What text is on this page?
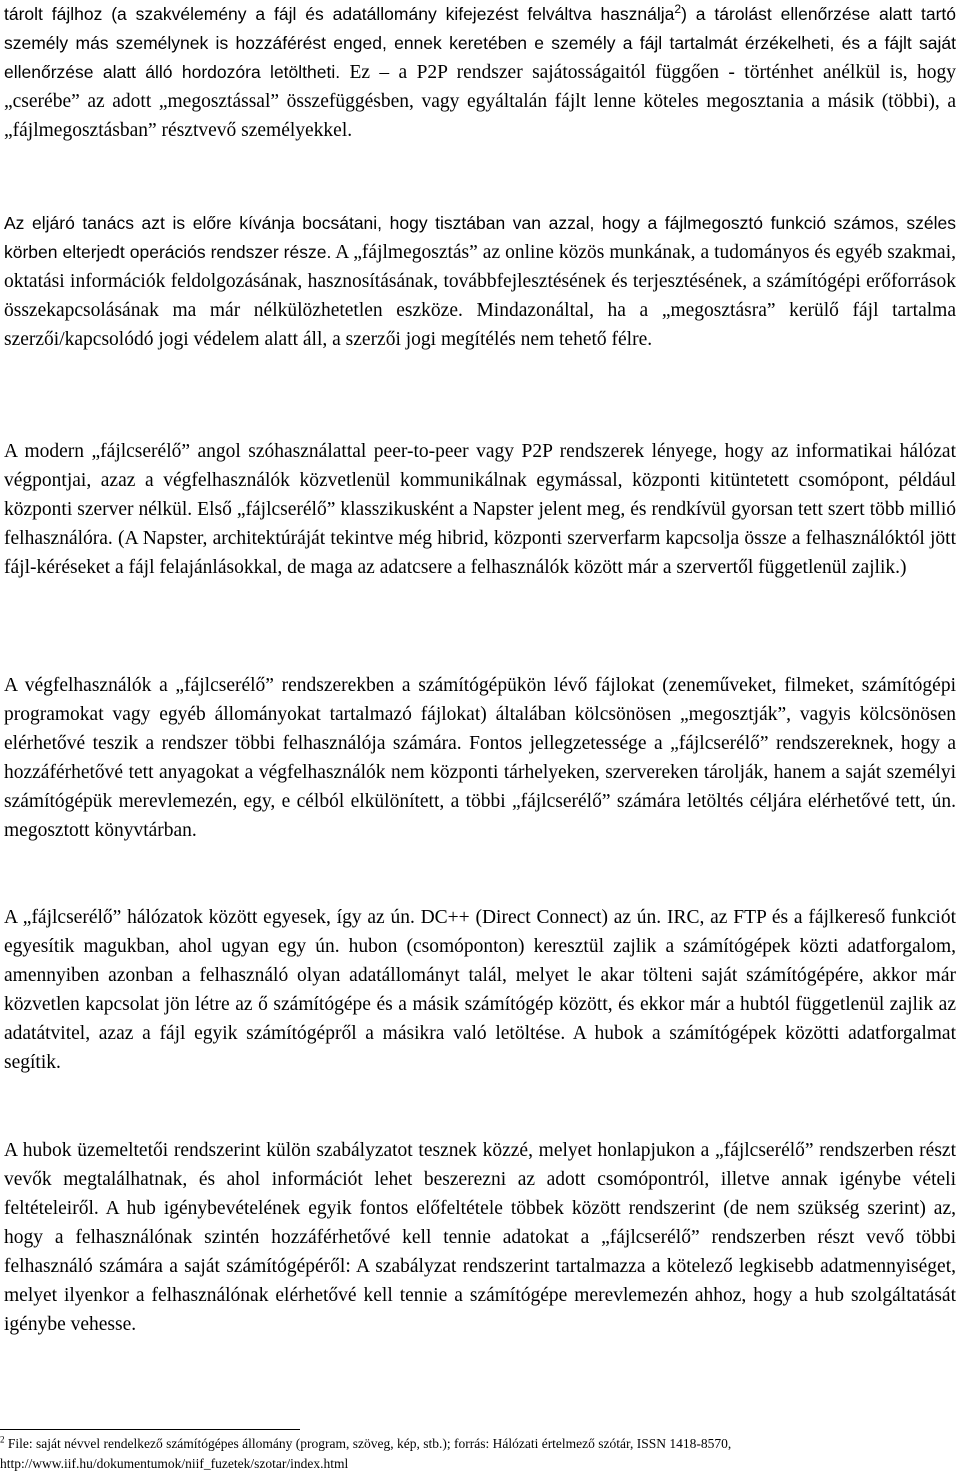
tárolt fájlhoz (a szakvélemény a fájl és adatállomány kifejezést felváltva használja$^2$) a tárolást ellenőrzése alatt tartó személy más személynek is hozzáférést enged, ennek keretében e személy a fájl tartalmát érzékelheti, és a fájlt saját ellenőrzése alatt álló hordozóra letöltheti. Ez – a P2P rendszer sajátosságaitól függően - történhet anélkül is, hogy „cserébe” az adott „megosztással” összefüggésben, vagy egyáltalán fájlt lenne köteles megosztania a másik (többi), a „fájlmegosztásban” résztvevő személyekkel.

Az eljáró tanács azt is előre kívánja bocsátani, hogy tisztában van azzal, hogy a fájlmegosztó funkció számos, széles körben elterjedt operációs rendszer része. A „fájlmegosztás” az online közös munkának, a tudományos és egyéb szakmai, oktatási információk feldolgozásának, hasznosításának, továbbfejlesztésének és terjesztésének, a számítógépi erőforrások összekapcsolásának ma már nélkülözhetetlen eszköze. Mindazonáltal, ha a „megosztásra” kerülő fájl tartalma szerzői/kapcsolódó jogi védelem alatt áll, a szerzői jogi megítélés nem tehető félre.

A modern „fájlcserélő” angol szóhasználattal peer-to-peer vagy P2P rendszerek lényege, hogy az informatikai hálózat végpontjai, azaz a végfelhasználók közvetlenül kommunikálnak egymással, központi kitüntetett csomópont, például központi szerver nélkül. Első „fájlcserélő” klasszikusként a Napster jelent meg, és rendkívül gyorsan tett szert több millió felhasználóra. (A Napster, architektúráját tekintve még hibrid, központi szerverfarm kapcsolja össze a felhasználóktól jött fájl-kéréseket a fájl felajánlásokkal, de maga az adatcsere a felhasználók között már a szervertől függetlenül zajlik.)

A végfelhasználók a „fájlcserélő” rendszerekben a számítógépükön lévő fájlokat (zeneműveket, filmeket, számítógépi programokat vagy egyéb állományokat tartalmazó fájlokat) általában kölcsönösen „megosztják”, vagyis kölcsönösen elérhetővé teszik a rendszer többi felhasználója számára. Fontos jellegzetessége a „fájlcserélő” rendszereknek, hogy a hozzáférhetővé tett anyagokat a végfelhasználók nem központi tárhelyeken, szervereken tárolják, hanem a saját személyi számítógépük merevlemezén, egy, e célból elkülönített, a többi „fájlcserélő” számára letöltés céljára elérhetővé tett, ún. megosztott könyvtárban.

A „fájlcserélő” hálózatok között egyesek, így az ún. DC++ (Direct Connect) az ún. IRC, az FTP és a fájlkereső funkciót egyesítik magukban, ahol ugyan egy ún. hubon (csomóponton) keresztül zajlik a számítógépek közti adatforgalom, amennyiben azonban a felhasználó olyan adatállományt talál, melyet le akar tölteni saját számítógépére, akkor már közvetlen kapcsolat jön létre az ő számítógépe és a másik számítógép között, és ekkor már a hubtól függetlenül zajlik az adatátvitel, azaz a fájl egyik számítógépről a másikra való letöltése. A hubok a számítógépek közötti adatforgalmat segítik.

A hubok üzemeltetői rendszerint külön szabályzatot tesznek közzé, melyet honlapjukon a „fájlcserélő” rendszerben részt vevők megtalálhatnak, és ahol információt lehet beszerezni az adott csomópontról, illetve annak igénybe vételi feltételeiről. A hub igénybevételének egyik fontos előfeltétele többek között rendszerint (de nem szükség szerint) az, hogy a felhasználónak szintén hozzáférhetővé kell tennie adatokat a „fájlcserélő” rendszerben részt vevő többi felhasználó számára a saját számítógépéről: A szabályzat rendszerint tartalmazza a kötelező legkisebb adatmennyiséget, melyet ilyenkor a felhasználónak elérhetővé kell tennie a számítógépe merevlemezén ahhoz, hogy a hub szolgáltatását igénybe vehesse.

$^2$ File: saját névvel rendelkező számítógépes állomány (program, szöveg, kép, stb.); forrás: Hálózati értelmező szótár, ISSN 1418-8570, http://www.iif.hu/dokumentumok/niif_fuzetek/szotar/index.html
